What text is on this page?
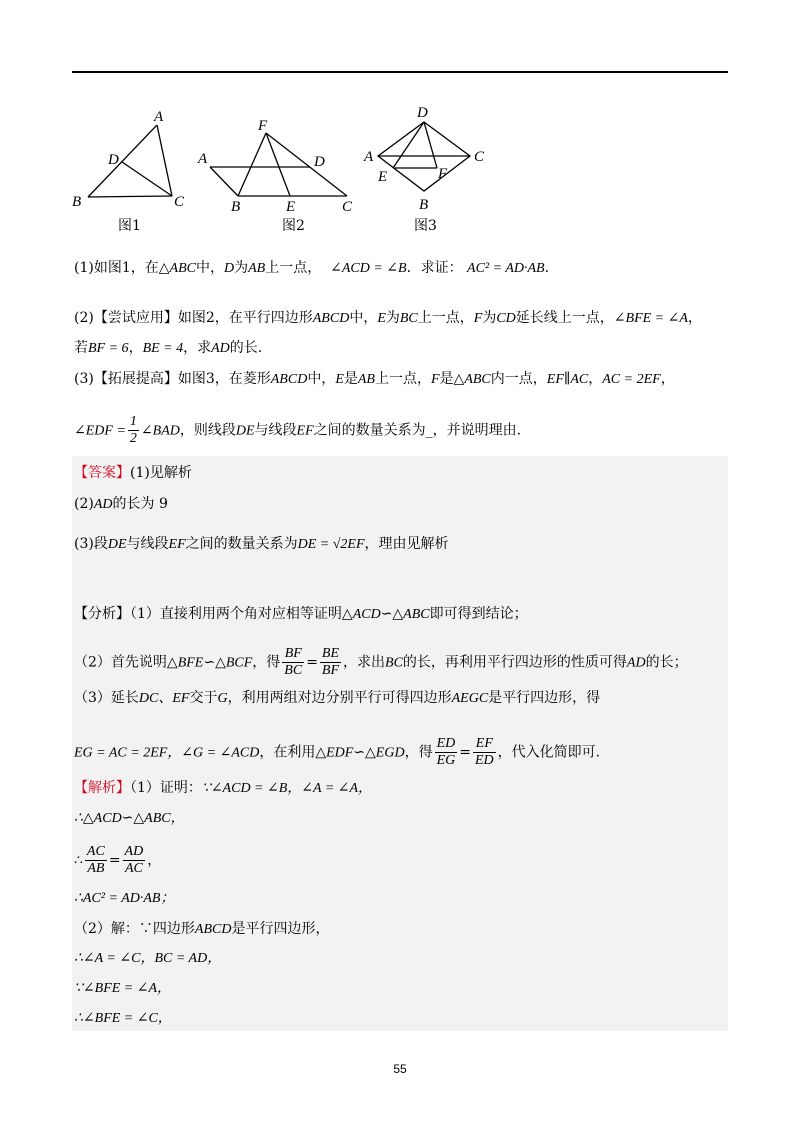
A
D
B	C
图1
F
A	D
B	E	C
图2
D
A	C
E	F
B
图3
(1)如图1，在△ABC中，D为AB上一点， ∠ACD = ∠B．求证： AC² = AD·AB．
(2)【尝试应用】如图2，在平行四边形ABCD中，E为BC上一点，F为CD延长线上一点，∠BFE = ∠A，
若BF = 6，BE = 4，求AD的长.
(3)【拓展提高】如图3，在菱形ABCD中，E是AB上一点，F是△ABC内一点，EF∥AC，AC = 2EF，
∠EDF = $\frac{1}{2}$ ∠BAD，则线段DE与线段EF之间的数量关系为_，并说明理由.
【答案】(1)见解析
(2)AD的长为 9
(3)段DE与线段EF之间的数量关系为DE = √2EF，理由见解析
【分析】（1）直接利用两个角对应相等证明△ACD∽△ABC即可得到结论；
（2）首先说明△BFE∽△BCF，得 $\frac{BF}{BC} = \frac{BE}{BF}$ ，求出BC的长，再利用平行四边形的性质可得AD的长；
（3）延长DC、EF交于G，利用两组对边分别平行可得四边形AEGC是平行四边形，得
EG = AC = 2EF，∠G = ∠ACD，在利用△EDF∽△EGD，得 $\frac{ED}{EG} = \frac{EF}{ED}$ ，代入化简即可.
【解析】（1）证明：∵∠ACD = ∠B，∠A = ∠A，
∴△ACD∽△ABC，
∴ $\frac{AC}{AB} = \frac{AD}{AC}$ ，
∴AC² = AD·AB；
（2）解：∵四边形ABCD是平行四边形，
∴∠A = ∠C，BC = AD，
∵∠BFE = ∠A，
∴∠BFE = ∠C，
55
